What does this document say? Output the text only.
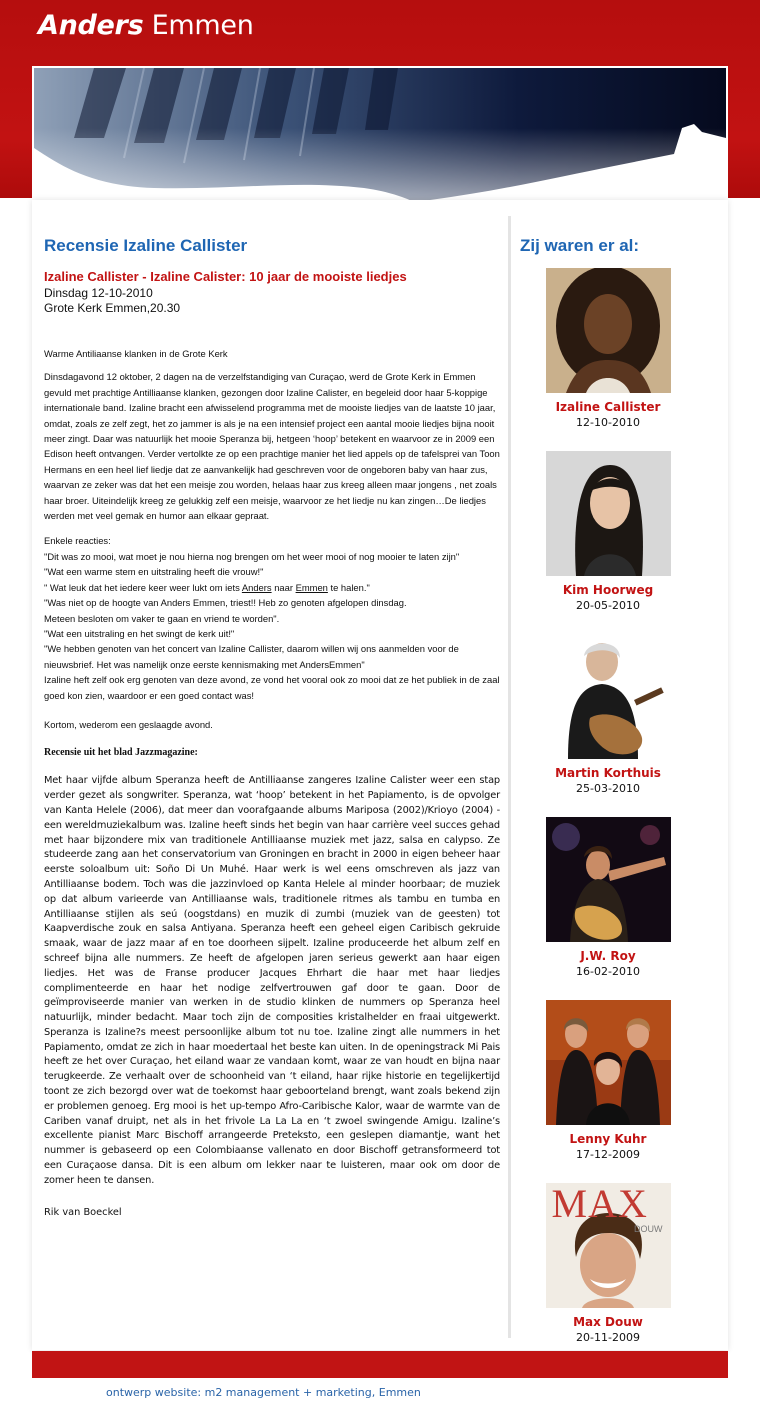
Anders Emmen
Recensie Izaline Callister
Izaline Callister - Izaline Calister: 10 jaar de mooiste liedjes
Dinsdag 12-10-2010
Grote Kerk Emmen,20.30
Warme Antiliaanse klanken in de Grote Kerk
Dinsdagavond 12 oktober, 2 dagen na de verzelfstandiging van Curaçao, werd de Grote Kerk in Emmen gevuld met prachtige Antilliaanse klanken, gezongen door Izaline Calister, en begeleid door haar 5-koppige internationale band. Izaline bracht een afwisselend programma met de mooiste liedjes van de laatste 10 jaar, omdat, zoals ze zelf zegt, het zo jammer is als je na een intensief project een aantal mooie liedjes bijna nooit meer zingt. Daar was natuurlijk het mooie Speranza bij, hetgeen ‘hoop’ betekent en waarvoor ze in 2009 een Edison heeft ontvangen. Verder vertolkte ze op een prachtige manier het lied appels op de tafelsprei van Toon Hermans en een heel lief liedje dat ze aanvankelijk had geschreven voor de ongeboren baby van haar zus, waarvan ze zeker was dat het een meisje zou worden, helaas haar zus kreeg alleen maar jongens , net zoals haar broer. Uiteindelijk kreeg ze gelukkig zelf een meisje, waarvoor ze het liedje nu kan zingen…De liedjes werden met veel gemak en humor aan elkaar gepraat.
Enkele reacties:
"Dit was zo mooi, wat moet je nou hierna nog brengen om het weer mooi of nog mooier te laten zijn"
"Wat een warme stem en uitstraling heeft die vrouw!"
" Wat leuk dat het iedere keer weer lukt om iets Anders naar Emmen te halen."
"Was niet op de hoogte van Anders Emmen, triest!! Heb zo genoten afgelopen dinsdag.
Meteen besloten om vaker te gaan en vriend te worden".
"Wat een uitstraling en het swingt de kerk uit!"
"We hebben genoten van het concert van Izaline Callister, daarom willen wij ons aanmelden voor de nieuwsbrief. Het was namelijk onze eerste kennismaking met AndersEmmen"
Izaline heft zelf ook erg genoten van deze avond, ze vond het vooral ook zo mooi dat ze het publiek in de zaal goed kon zien, waardoor er een goed contact was!
Kortom, wederom een geslaagde avond.
Recensie uit het blad Jazzmagazine:
Met haar vijfde album Speranza heeft de Antilliaanse zangeres Izaline Calister weer een stap verder gezet als songwriter. Speranza, wat ‘hoop’ betekent in het Papiamento, is de opvolger van Kanta Helele (2006), dat meer dan voorafgaande albums Mariposa (2002)/Krioyo (2004) - een wereldmuziekalbum was. Izaline heeft sinds het begin van haar carrière veel succes gehad met haar bijzondere mix van traditionele Antilliaanse muziek met jazz, salsa en calypso. Ze studeerde zang aan het conservatorium van Groningen en bracht in 2000 in eigen beheer haar eerste soloalbum uit: Soño Di Un Muhé. Haar werk is wel eens omschreven als jazz van Antilliaanse bodem. Toch was die jazzinvloed op Kanta Helele al minder hoorbaar; de muziek op dat album varieerde van Antilliaanse wals, traditionele ritmes als tambu en tumba en Antilliaanse stijlen als seú (oogstdans) en muzik di zumbi (muziek van de geesten) tot Kaapverdische zouk en salsa Antiyana. Speranza heeft een geheel eigen Caribisch gekruide smaak, waar de jazz maar af en toe doorheen sijpelt. Izaline produceerde het album zelf en schreef bijna alle nummers. Ze heeft de afgelopen jaren serieus gewerkt aan haar eigen liedjes. Het was de Franse producer Jacques Ehrhart die haar met haar liedjes complimenteerde en haar het nodige zelfvertrouwen gaf door te gaan. Door de geïmproviseerde manier van werken in de studio klinken de nummers op Speranza heel natuurlijk, minder bedacht. Maar toch zijn de composities kristalhelder en fraai uitgewerkt. Speranza is Izaline?s meest persoonlijke album tot nu toe. Izaline zingt alle nummers in het Papiamento, omdat ze zich in haar moedertaal het beste kan uiten. In de openingstrack Mi Pais heeft ze het over Curaçao, het eiland waar ze vandaan komt, waar ze van houdt en bijna naar terugkeerde. Ze verhaalt over de schoonheid van ‘t eiland, haar rijke historie en tegelijkertijd toont ze zich bezorgd over wat de toekomst haar geboorteland brengt, want zoals bekend zijn er problemen genoeg. Erg mooi is het up-tempo Afro-Caribische Kalor, waar de warmte van de Cariben vanaf druipt, net als in het frivole La La La en ‘t zwoel swingende Amigu. Izaline’s excellente pianist Marc Bischoff arrangeerde Preteksto, een geslepen diamantje, want het nummer is gebaseerd op een Colombiaanse vallenato en door Bischoff getransformeerd tot een Curaçaose dansa. Dit is een album om lekker naar te luisteren, maar ook om door de zomer heen te dansen.
Rik van Boeckel
Zij waren er al:
Izaline Callister
12-10-2010
Kim Hoorweg
20-05-2010
Martin Korthuis
25-03-2010
J.W. Roy
16-02-2010
Lenny Kuhr
17-12-2009
MAX
DOUW
Max Douw
20-11-2009
ontwerp website: m2 management + marketing, Emmen
